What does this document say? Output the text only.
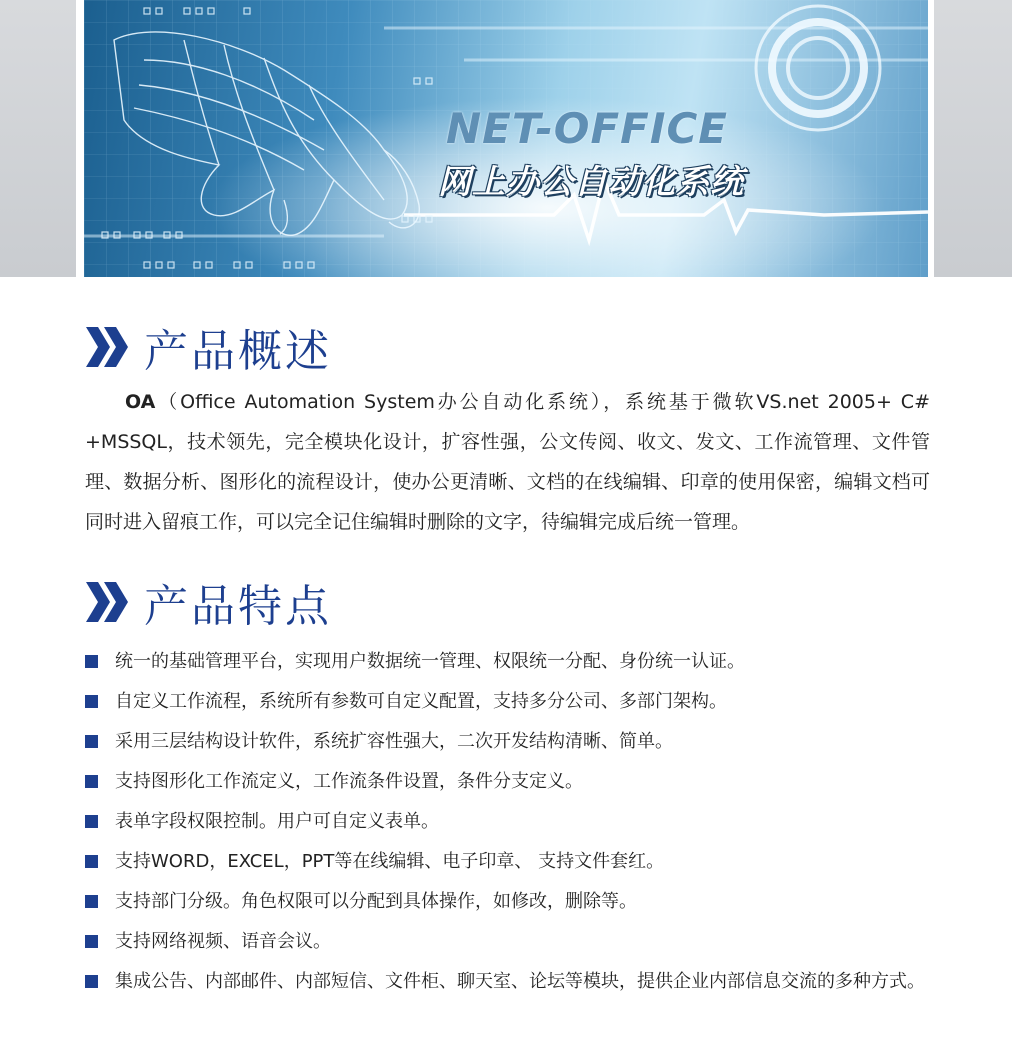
NET-OFFICE
网上办公自动化系统
产品概述
OA（Office Automation System办公自动化系统），系统基于微软VS.net 2005+ C# +MSSQL，技术领先，完全模块化设计，扩容性强，公文传阅、收文、发文、工作流管理、文件管理、数据分析、图形化的流程设计，使办公更清晰、文档的在线编辑、印章的使用保密，编辑文档可同时进入留痕工作，可以完全记住编辑时删除的文字，待编辑完成后统一管理。
产品特点
统一的基础管理平台，实现用户数据统一管理、权限统一分配、身份统一认证。
自定义工作流程，系统所有参数可自定义配置，支持多分公司、多部门架构。
采用三层结构设计软件，系统扩容性强大，二次开发结构清晰、简单。
支持图形化工作流定义，工作流条件设置，条件分支定义。
表单字段权限控制。用户可自定义表单。
支持WORD，EXCEL，PPT等在线编辑、电子印章、 支持文件套红。
支持部门分级。角色权限可以分配到具体操作，如修改，删除等。
支持网络视频、语音会议。
集成公告、内部邮件、内部短信、文件柜、聊天室、论坛等模块，提供企业内部信息交流的多种方式。
